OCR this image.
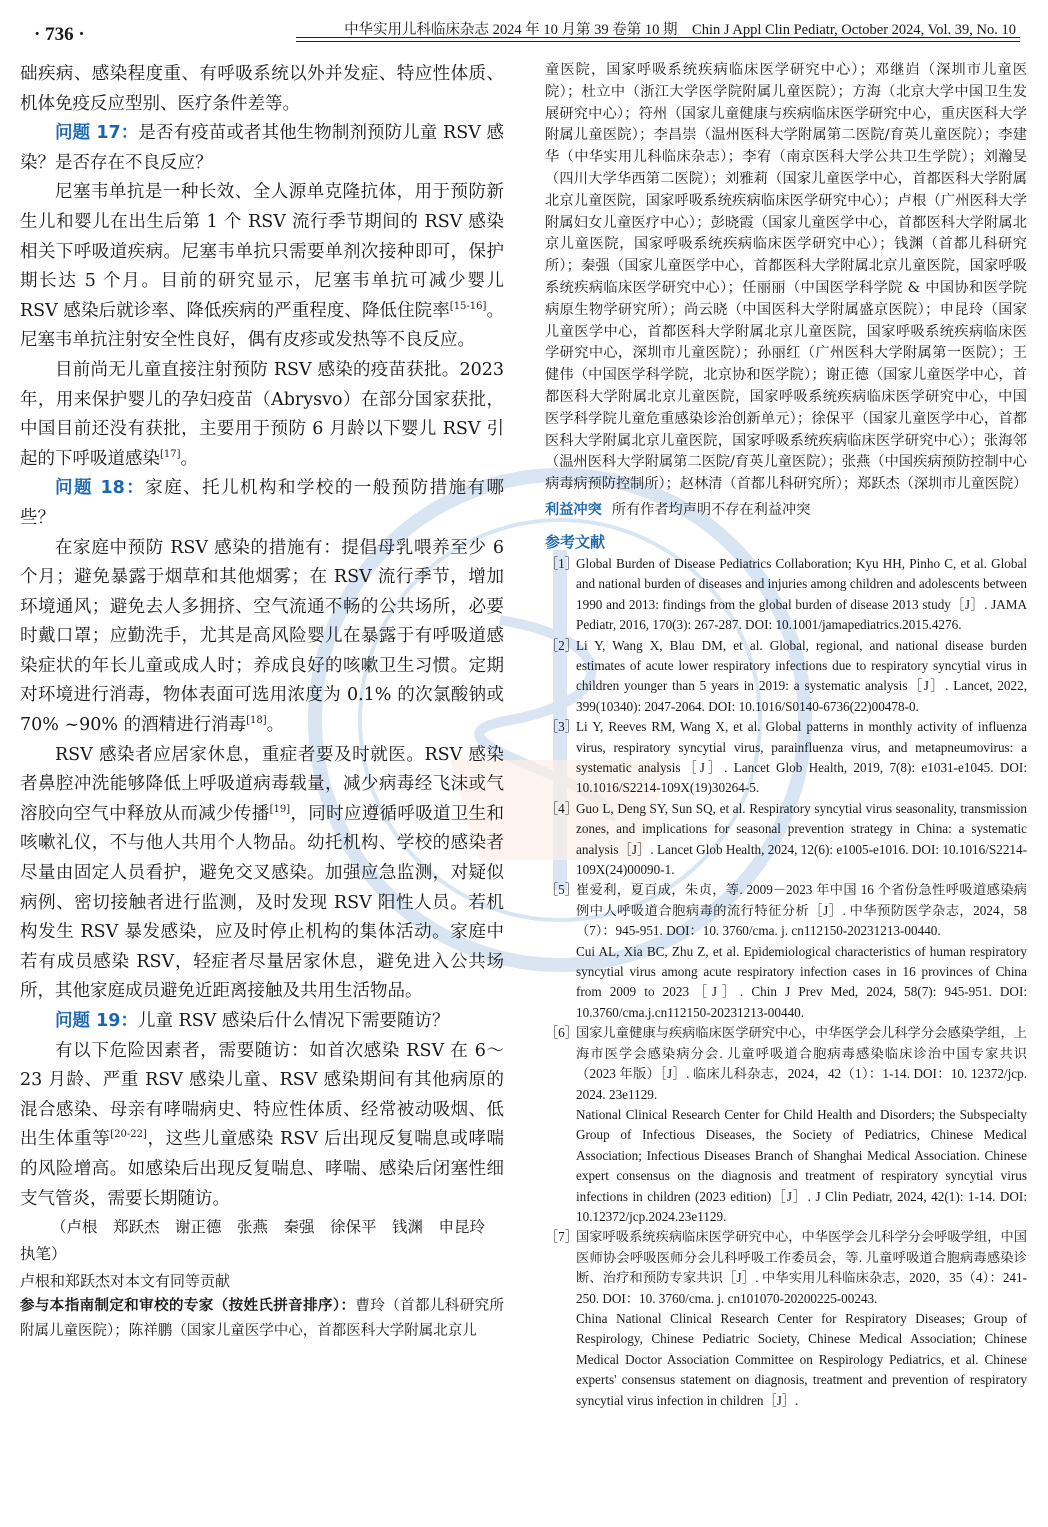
· 736 ·	中华实用儿科临床杂志 2024 年 10 月第 39 卷第 10 期　Chin J Appl Clin Pediatr, October 2024, Vol. 39, No. 10

础疾病、感染程度重、有呼吸系统以外并发症、特应性体质、机体免疫反应型别、医疗条件差等。

问题 17：是否有疫苗或者其他生物制剂预防儿童 RSV 感染？是否存在不良反应？

尼塞韦单抗是一种长效、全人源单克隆抗体，用于预防新生儿和婴儿在出生后第 1 个 RSV 流行季节期间的 RSV 感染相关下呼吸道疾病。尼塞韦单抗只需要单剂次接种即可，保护期长达 5 个月。目前的研究显示，尼塞韦单抗可减少婴儿 RSV 感染后就诊率、降低疾病的严重程度、降低住院率[15-16]。尼塞韦单抗注射安全性良好，偶有皮疹或发热等不良反应。

目前尚无儿童直接注射预防 RSV 感染的疫苗获批。2023 年，用来保护婴儿的孕妇疫苗（Abrysvo）在部分国家获批，中国目前还没有获批，主要用于预防 6 月龄以下婴儿 RSV 引起的下呼吸道感染[17]。

问题 18：家庭、托儿机构和学校的一般预防措施有哪些？

在家庭中预防 RSV 感染的措施有：提倡母乳喂养至少 6 个月；避免暴露于烟草和其他烟雾；在 RSV 流行季节，增加环境通风；避免去人多拥挤、空气流通不畅的公共场所，必要时戴口罩；应勤洗手，尤其是高风险婴儿在暴露于有呼吸道感染症状的年长儿童或成人时；养成良好的咳嗽卫生习惯。定期对环境进行消毒，物体表面可选用浓度为 0.1% 的次氯酸钠或 70% ~90% 的酒精进行消毒[18]。

RSV 感染者应居家休息，重症者要及时就医。RSV 感染者鼻腔冲洗能够降低上呼吸道病毒载量，减少病毒经飞沫或气溶胶向空气中释放从而减少传播[19]，同时应遵循呼吸道卫生和咳嗽礼仪，不与他人共用个人物品。幼托机构、学校的感染者尽量由固定人员看护，避免交叉感染。加强应急监测，对疑似病例、密切接触者进行监测，及时发现 RSV 阳性人员。若机构发生 RSV 暴发感染，应及时停止机构的集体活动。家庭中若有成员感染 RSV，轻症者尽量居家休息，避免进入公共场所，其他家庭成员避免近距离接触及共用生活物品。

问题 19：儿童 RSV 感染后什么情况下需要随访？

有以下危险因素者，需要随访：如首次感染 RSV 在 6～23 月龄、严重 RSV 感染儿童、RSV 感染期间有其他病原的混合感染、母亲有哮喘病史、特应性体质、经常被动吸烟、低出生体重等[20-22]，这些儿童感染 RSV 后出现反复喘息或哮喘的风险增高。如感染后出现反复喘息、哮喘、感染后闭塞性细支气管炎，需要长期随访。

（卢根　郑跃杰　谢正德　张燕　秦强　徐保平　钱渊　申昆玲　执笔）

卢根和郑跃杰对本文有同等贡献

参与本指南制定和审校的专家（按姓氏拼音排序）：曹玲（首都儿科研究所附属儿童医院）；陈祥鹏（国家儿童医学中心，首都医科大学附属北京儿

童医院，国家呼吸系统疾病临床医学研究中心）；邓继岿（深圳市儿童医院）；杜立中（浙江大学医学院附属儿童医院）；方海（北京大学中国卫生发展研究中心）；符州（国家儿童健康与疾病临床医学研究中心，重庆医科大学附属儿童医院）；李昌崇（温州医科大学附属第二医院/育英儿童医院）；李建华（中华实用儿科临床杂志）；李宥（南京医科大学公共卫生学院）；刘瀚旻（四川大学华西第二医院）；刘雅莉（国家儿童医学中心，首都医科大学附属北京儿童医院，国家呼吸系统疾病临床医学研究中心）；卢根（广州医科大学附属妇女儿童医疗中心）；彭晓霞（国家儿童医学中心，首都医科大学附属北京儿童医院，国家呼吸系统疾病临床医学研究中心）；钱渊（首都儿科研究所）；秦强（国家儿童医学中心，首都医科大学附属北京儿童医院，国家呼吸系统疾病临床医学研究中心）；任丽丽（中国医学科学院 & 中国协和医学院病原生物学研究所）；尚云晓（中国医科大学附属盛京医院）；申昆玲（国家儿童医学中心，首都医科大学附属北京儿童医院，国家呼吸系统疾病临床医学研究中心，深圳市儿童医院）；孙丽红（广州医科大学附属第一医院）；王健伟（中国医学科学院，北京协和医学院）；谢正德（国家儿童医学中心，首都医科大学附属北京儿童医院，国家呼吸系统疾病临床医学研究中心，中国医学科学院儿童危重感染诊治创新单元）；徐保平（国家儿童医学中心，首都医科大学附属北京儿童医院，国家呼吸系统疾病临床医学研究中心）；张海邻（温州医科大学附属第二医院/育英儿童医院）；张燕（中国疾病预防控制中心病毒病预防控制所）；赵林清（首都儿科研究所）；郑跃杰（深圳市儿童医院）

利益冲突 所有作者均声明不存在利益冲突

参考文献

［1］
Global Burden of Disease Pediatrics Collaboration; Kyu HH, Pinho C, et al. Global and national burden of diseases and injuries among children and adolescents between 1990 and 2013: findings from the global burden of disease 2013 study［J］. JAMA Pediatr, 2016, 170(3): 267-287. DOI: 10.1001/jamapediatrics.2015.4276.
［2］
Li Y, Wang X, Blau DM, et al. Global, regional, and national disease burden estimates of acute lower respiratory infections due to respiratory syncytial virus in children younger than 5 years in 2019: a systematic analysis［J］. Lancet, 2022, 399(10340): 2047-2064. DOI: 10.1016/S0140-6736(22)00478-0.
［3］
Li Y, Reeves RM, Wang X, et al. Global patterns in monthly activity of influenza virus, respiratory syncytial virus, parainfluenza virus, and metapneumovirus: a systematic analysis［J］. Lancet Glob Health, 2019, 7(8): e1031-e1045. DOI: 10.1016/S2214-109X(19)30264-5.
［4］
Guo L, Deng SY, Sun SQ, et al. Respiratory syncytial virus seasonality, transmission zones, and implications for seasonal prevention strategy in China: a systematic analysis［J］. Lancet Glob Health, 2024, 12(6): e1005-e1016. DOI: 10.1016/S2214-109X(24)00090-1.
［5］
崔爱利，夏百成，朱贞，等. 2009－2023 年中国 16 个省份急性呼吸道感染病例中人呼吸道合胞病毒的流行特征分析［J］. 中华预防医学杂志，2024，58（7）：945-951. DOI：10. 3760/cma. j. cn112150-20231213-00440.
Cui AL, Xia BC, Zhu Z, et al. Epidemiological characteristics of human respiratory syncytial virus among acute respiratory infection cases in 16 provinces of China from 2009 to 2023［J］. Chin J Prev Med, 2024, 58(7): 945-951. DOI: 10.3760/cma.j.cn112150-20231213-00440.
［6］
国家儿童健康与疾病临床医学研究中心，中华医学会儿科学分会感染学组，上海市医学会感染病分会. 儿童呼吸道合胞病毒感染临床诊治中国专家共识（2023 年版）［J］. 临床儿科杂志，2024，42（1）：1-14. DOI：10. 12372/jcp. 2024. 23e1129.
National Clinical Research Center for Child Health and Disorders; the Subspecialty Group of Infectious Diseases, the Society of Pediatrics, Chinese Medical Association; Infectious Diseases Branch of Shanghai Medical Association. Chinese expert consensus on the diagnosis and treatment of respiratory syncytial virus infections in children (2023 edition)［J］. J Clin Pediatr, 2024, 42(1): 1-14. DOI: 10.12372/jcp.2024.23e1129.
［7］
国家呼吸系统疾病临床医学研究中心，中华医学会儿科学分会呼吸学组，中国医师协会呼吸医师分会儿科呼吸工作委员会，等. 儿童呼吸道合胞病毒感染诊断、治疗和预防专家共识［J］. 中华实用儿科临床杂志，2020，35（4）：241-250. DOI：10. 3760/cma. j. cn101070-20200225-00243.
China National Clinical Research Center for Respiratory Diseases; Group of Respirology, Chinese Pediatric Society, Chinese Medical Association; Chinese Medical Doctor Association Committee on Respirology Pediatrics, et al. Chinese experts' consensus statement on diagnosis, treatment and prevention of respiratory syncytial virus infection in children［J］.
